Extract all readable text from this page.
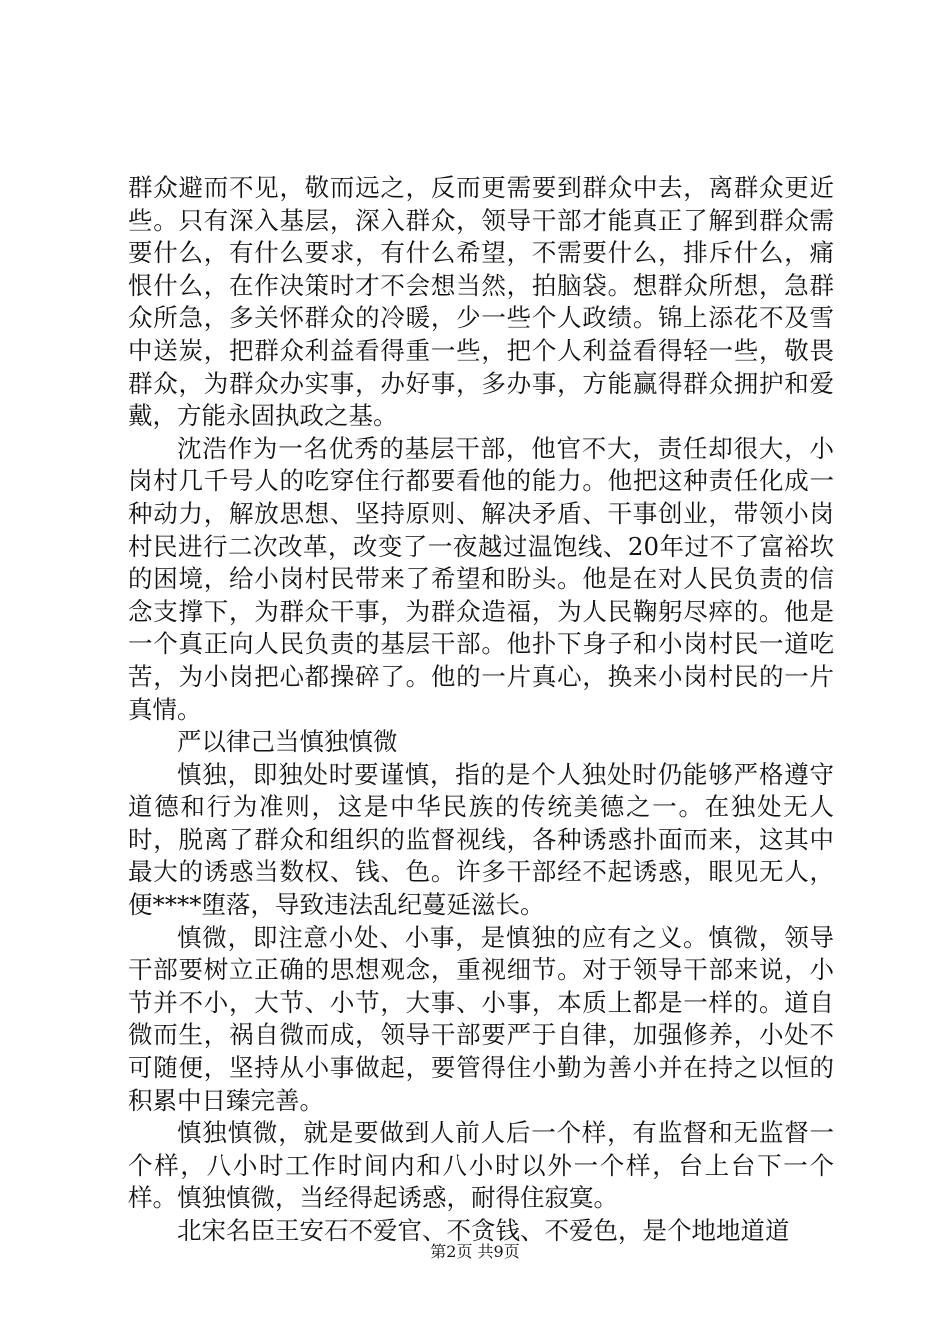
群众避而不见，敬而远之，反而更需要到群众中去，离群众更近些。只有深入基层，深入群众，领导干部才能真正了解到群众需要什么，有什么要求，有什么希望，不需要什么，排斥什么，痛恨什么，在作决策时才不会想当然，拍脑袋。想群众所想，急群众所急，多关怀群众的冷暖，少一些个人政绩。锦上添花不及雪中送炭，把群众利益看得重一些，把个人利益看得轻一些，敬畏群众，为群众办实事，办好事，多办事，方能赢得群众拥护和爱戴，方能永固执政之基。

沈浩作为一名优秀的基层干部，他官不大，责任却很大，小岗村几千号人的吃穿住行都要看他的能力。他把这种责任化成一种动力，解放思想、坚持原则、解决矛盾、干事创业，带领小岗村民进行二次改革，改变了一夜越过温饱线、20年过不了富裕坎的困境，给小岗村民带来了希望和盼头。他是在对人民负责的信念支撑下，为群众干事，为群众造福，为人民鞠躬尽瘁的。他是一个真正向人民负责的基层干部。他扑下身子和小岗村民一道吃苦，为小岗把心都操碎了。他的一片真心，换来小岗村民的一片真情。

严以律己当慎独慎微

慎独，即独处时要谨慎，指的是个人独处时仍能够严格遵守道德和行为准则，这是中华民族的传统美德之一。在独处无人时，脱离了群众和组织的监督视线，各种诱惑扑面而来，这其中最大的诱惑当数权、钱、色。许多干部经不起诱惑，眼见无人，便****堕落，导致违法乱纪蔓延滋长。

慎微，即注意小处、小事，是慎独的应有之义。慎微，领导干部要树立正确的思想观念，重视细节。对于领导干部来说，小节并不小，大节、小节，大事、小事，本质上都是一样的。道自微而生，祸自微而成，领导干部要严于自律，加强修养，小处不可随便，坚持从小事做起，要管得住小勤为善小并在持之以恒的积累中日臻完善。

慎独慎微，就是要做到人前人后一个样，有监督和无监督一个样，八小时工作时间内和八小时以外一个样，台上台下一个样。慎独慎微，当经得起诱惑，耐得住寂寞。

北宋名臣王安石不爱官、不贪钱、不爱色，是个地地道道

第2页 共9页
